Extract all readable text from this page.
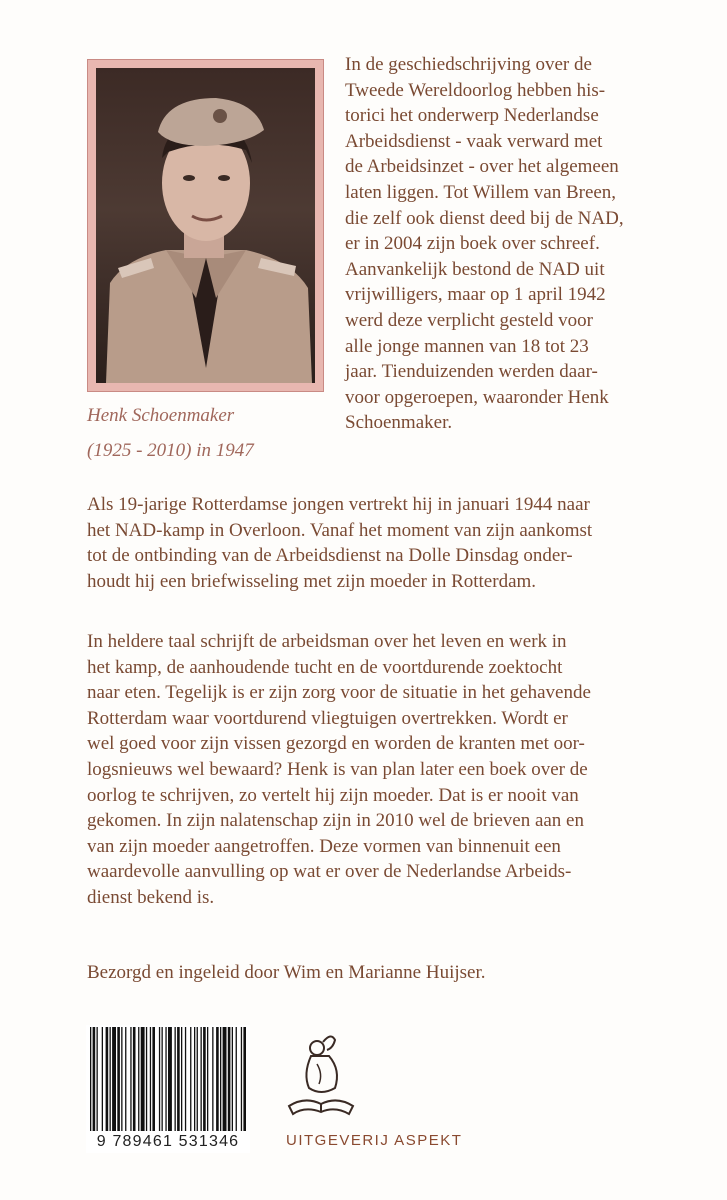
Henk Schoenmaker
(1925 - 2010) in 1947
In de geschiedschrijving over de
Tweede Wereldoorlog hebben his-
torici het onderwerp Nederlandse
Arbeidsdienst - vaak verward met
de Arbeidsinzet - over het algemeen
laten liggen. Tot Willem van Breen,
die zelf ook dienst deed bij de NAD,
er in 2004 zijn boek over schreef.
Aanvankelijk bestond de NAD uit
vrijwilligers, maar op 1 april 1942
werd deze verplicht gesteld voor
alle jonge mannen van 18 tot 23
jaar. Tienduizenden werden daar-
voor opgeroepen, waaronder Henk
Schoenmaker.
Als 19-jarige Rotterdamse jongen vertrekt hij in januari 1944 naar
het NAD-kamp in Overloon. Vanaf het moment van zijn aankomst
tot de ontbinding van de Arbeidsdienst na Dolle Dinsdag onder-
houdt hij een briefwisseling met zijn moeder in Rotterdam.
In heldere taal schrijft de arbeidsman over het leven en werk in
het kamp, de aanhoudende tucht en de voortdurende zoektocht
naar eten. Tegelijk is er zijn zorg voor de situatie in het gehavende
Rotterdam waar voortdurend vliegtuigen overtrekken. Wordt er
wel goed voor zijn vissen gezorgd en worden de kranten met oor-
logsnieuws wel bewaard? Henk is van plan later een boek over de
oorlog te schrijven, zo vertelt hij zijn moeder. Dat is er nooit van
gekomen. In zijn nalatenschap zijn in 2010 wel de brieven aan en
van zijn moeder aangetroffen. Deze vormen van binnenuit een
waardevolle aanvulling op wat er over de Nederlandse Arbeids-
dienst bekend is.
Bezorgd en ingeleid door Wim en Marianne Huijser.
9 789461 531346	UITGEVERIJ ASPEKT
